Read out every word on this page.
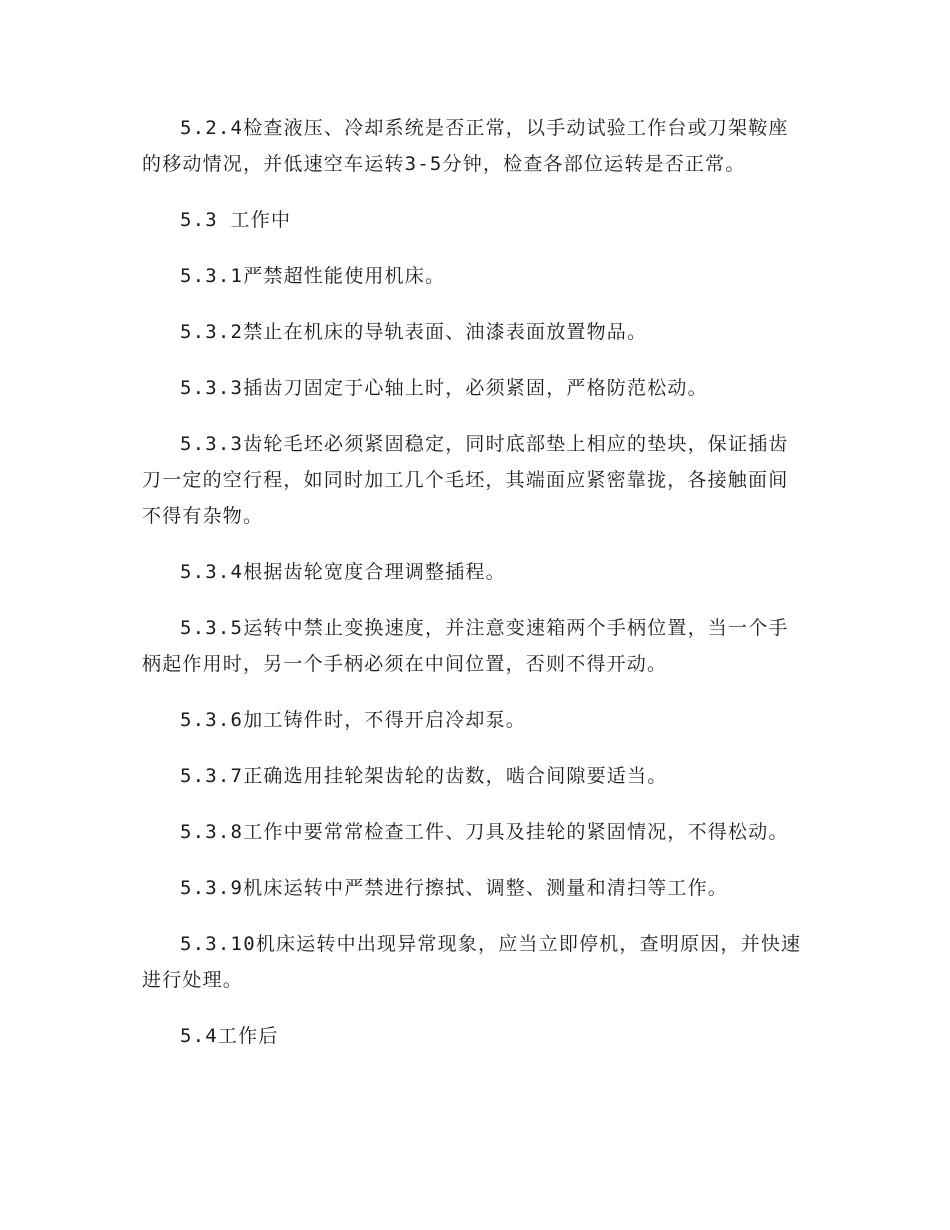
5.2.4检查液压、冷却系统是否正常，以手动试验工作台或刀架鞍座的移动情况，并低速空车运转3-5分钟，检查各部位运转是否正常。

5.3 工作中

5.3.1严禁超性能使用机床。

5.3.2禁止在机床的导轨表面、油漆表面放置物品。

5.3.3插齿刀固定于心轴上时，必须紧固，严格防范松动。

5.3.3齿轮毛坯必须紧固稳定，同时底部垫上相应的垫块，保证插齿刀一定的空行程，如同时加工几个毛坯，其端面应紧密靠拢，各接触面间不得有杂物。

5.3.4根据齿轮宽度合理调整插程。

5.3.5运转中禁止变换速度，并注意变速箱两个手柄位置，当一个手柄起作用时，另一个手柄必须在中间位置，否则不得开动。

5.3.6加工铸件时，不得开启冷却泵。

5.3.7正确选用挂轮架齿轮的齿数，啮合间隙要适当。

5.3.8工作中要常常检查工件、刀具及挂轮的紧固情况，不得松动。

5.3.9机床运转中严禁进行擦拭、调整、测量和清扫等工作。

5.3.10机床运转中出现异常现象，应当立即停机，查明原因，并快速进行处理。

5.4工作后
